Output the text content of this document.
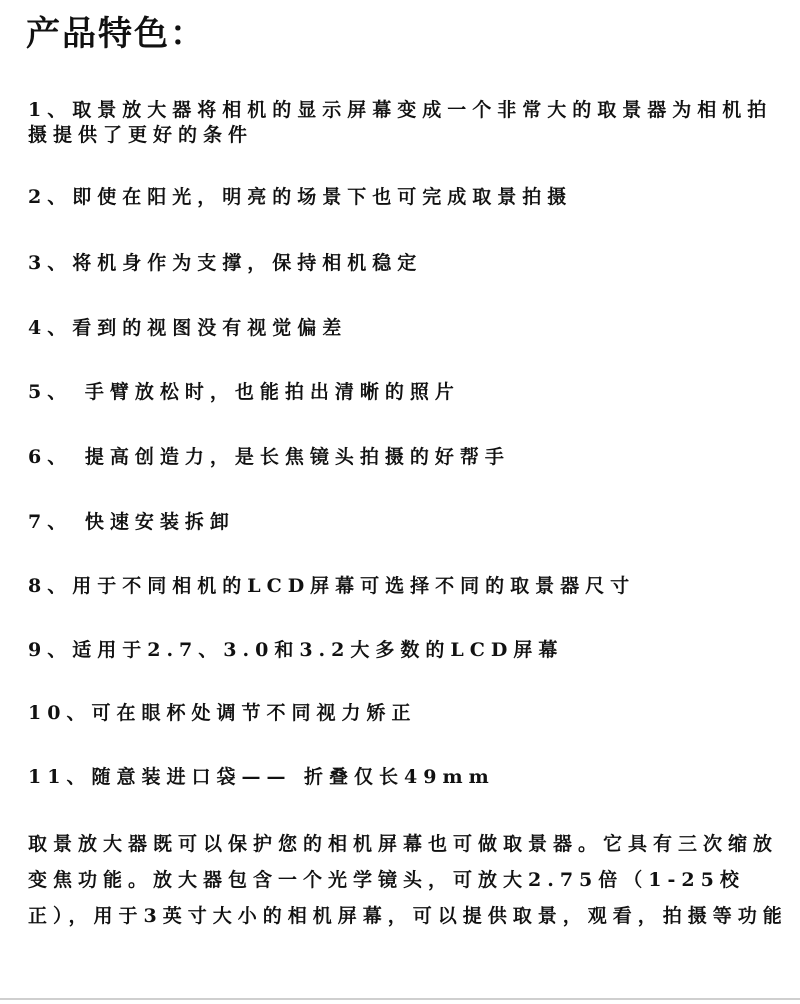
产品特色：
1、取景放大器将相机的显示屏幕变成一个非常大的取景器为相机拍摄提供了更好的条件
2、即使在阳光，明亮的场景下也可完成取景拍摄
3、将机身作为支撑，保持相机稳定
4、看到的视图没有视觉偏差
5、 手臂放松时，也能拍出清晰的照片
6、 提高创造力，是长焦镜头拍摄的好帮手
7、 快速安装拆卸
8、用于不同相机的LCD屏幕可选择不同的取景器尺寸
9、适用于2.7、3.0和3.2大多数的LCD屏幕
10、可在眼杯处调节不同视力矫正
11、随意装进口袋—— 折叠仅长49mm
取景放大器既可以保护您的相机屏幕也可做取景器。它具有三次缩放变焦功能。放大器包含一个光学镜头，可放大2.75倍（1-25校正），用于3英寸大小的相机屏幕，可以提供取景，观看，拍摄等功能
